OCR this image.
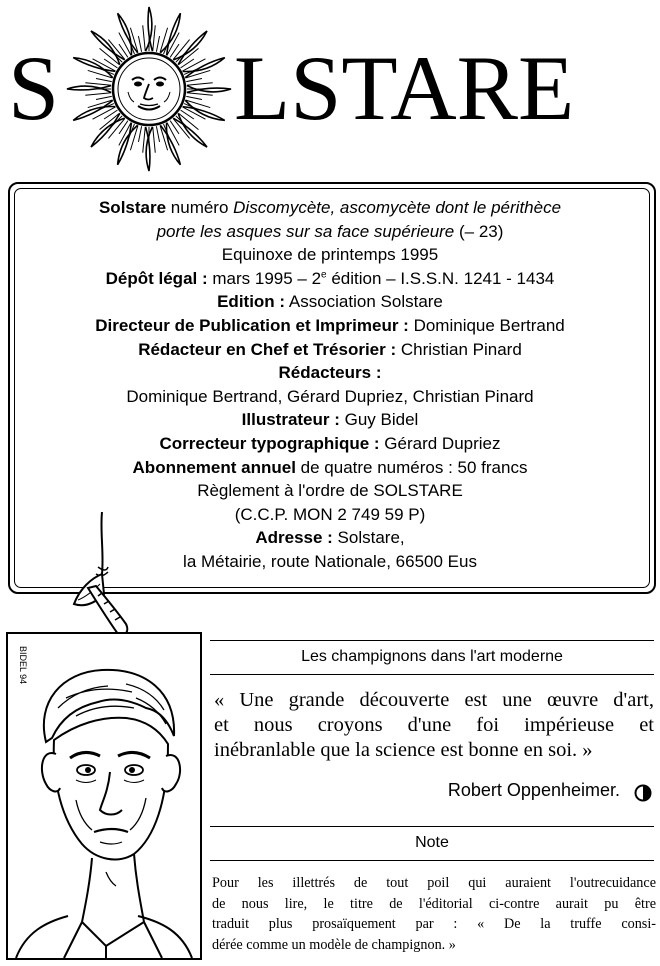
S LSTARE
Solstare numéro Discomycète, ascomycète dont le périthèce
porte les asques sur sa face supérieure (– 23)
Equinoxe de printemps 1995
Dépôt légal : mars 1995 – 2e édition – I.S.S.N. 1241 - 1434
Edition : Association Solstare
Directeur de Publication et Imprimeur : Dominique Bertrand
Rédacteur en Chef et Trésorier : Christian Pinard
Rédacteurs :
Dominique Bertrand, Gérard Dupriez, Christian Pinard
Illustrateur : Guy Bidel
Correcteur typographique : Gérard Dupriez
Abonnement annuel de quatre numéros : 50 francs
Règlement à l'ordre de SOLSTARE
(C.C.P. MON 2 749 59 P)
Adresse : Solstare,
la Métairie, route Nationale, 66500 Eus
BIDEL 94	Les champignons dans l'art moderne
« Une grande découverte est une œuvre d'art,
et nous croyons d'une foi impérieuse et
inébranlable que la science est bonne en soi. »
Robert Oppenheimer.
Note
Pour les illettrés de tout poil qui auraient l'outrecuidance
de nous lire, le titre de l'éditorial ci-contre aurait pu être
traduit plus prosaïquement par : « De la truffe consi-
dérée comme un modèle de champignon. »
